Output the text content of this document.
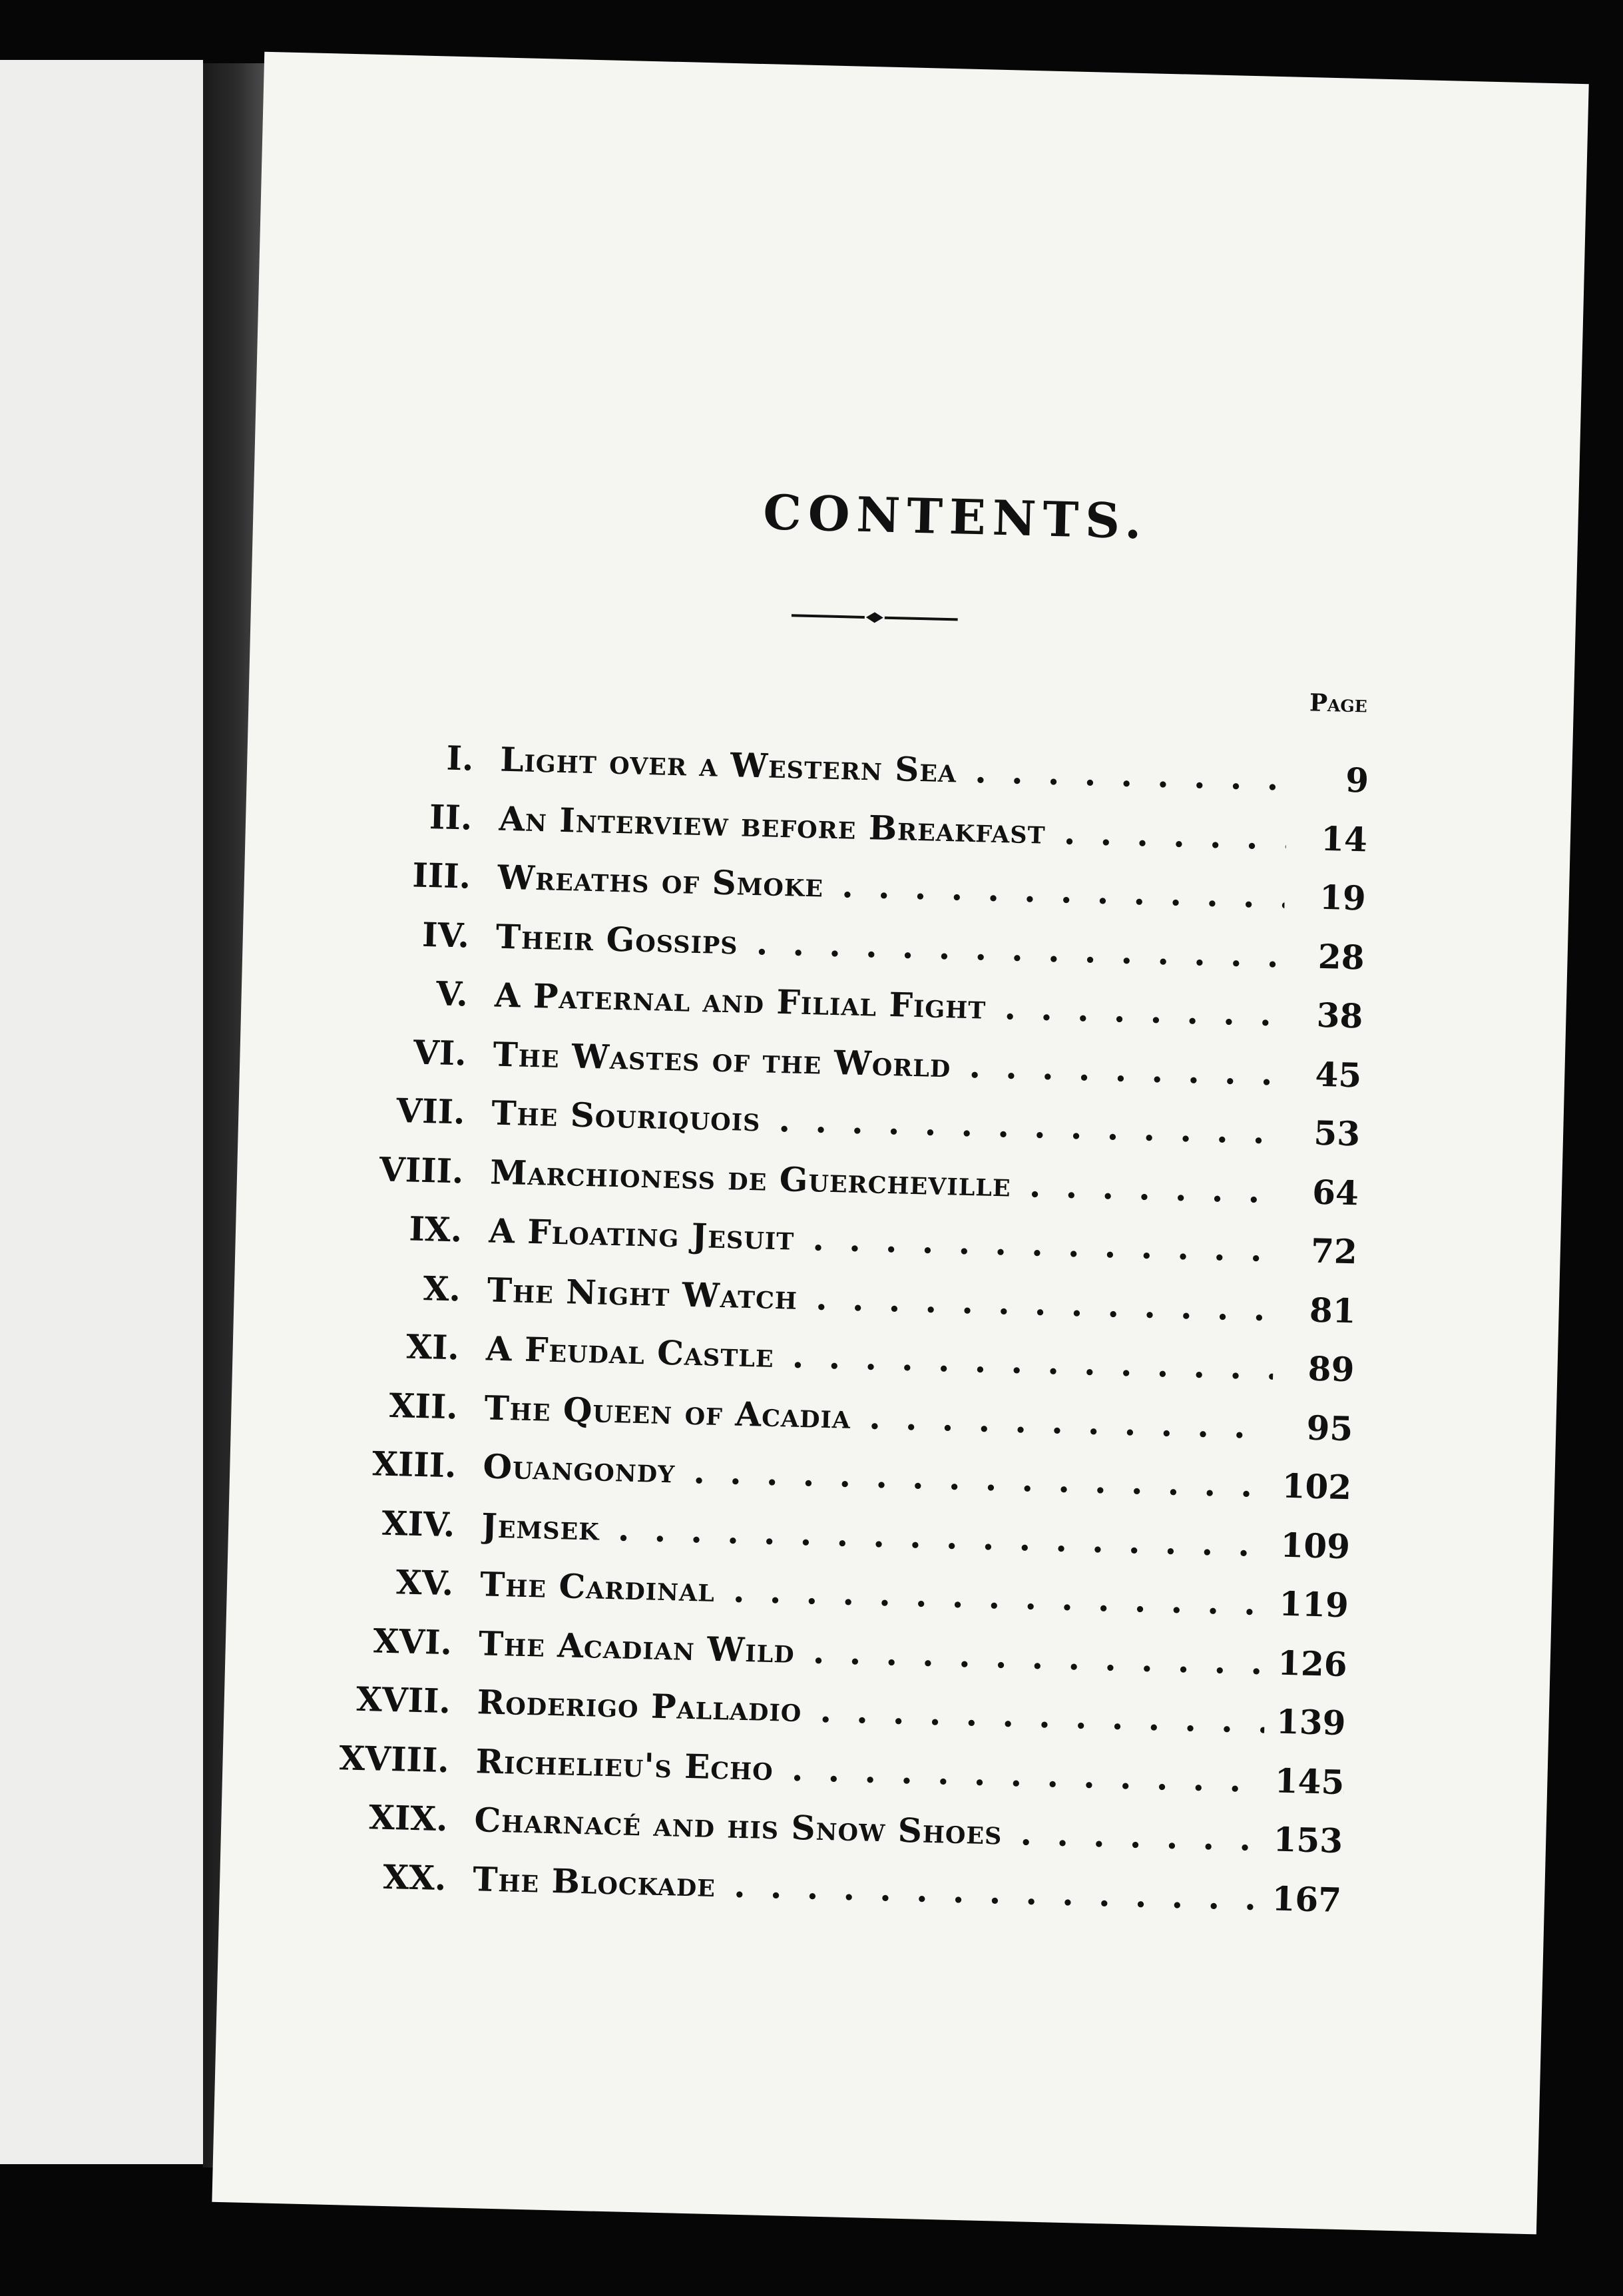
CONTENTS.
Page
I. Light over a Western Sea . .	9
II. An Interview before Breakfast . .	14
III. Wreaths of Smoke . .	19
IV. Their Gossips . .	28
V. A Paternal and Filial Fight . .	38
VI. The Wastes of the World . .	45
VII. The Souriquois . .	53
VIII. Marchioness de Guercheville . .	64
IX. A Floating Jesuit . .	72
X. The Night Watch . .	81
XI. A Feudal Castle . .	89
XII. The Queen of Acadia . .	95
XIII. Ouangondy . .	102
XIV. Jemsek . .	109
XV. The Cardinal . .	119
XVI. The Acadian Wild . .	126
XVII. Roderigo Palladio . .	139
XVIII. Richelieu's Echo . .	145
XIX. Charnacé and his Snow Shoes . .	153
XX. The Blockade . .	167
